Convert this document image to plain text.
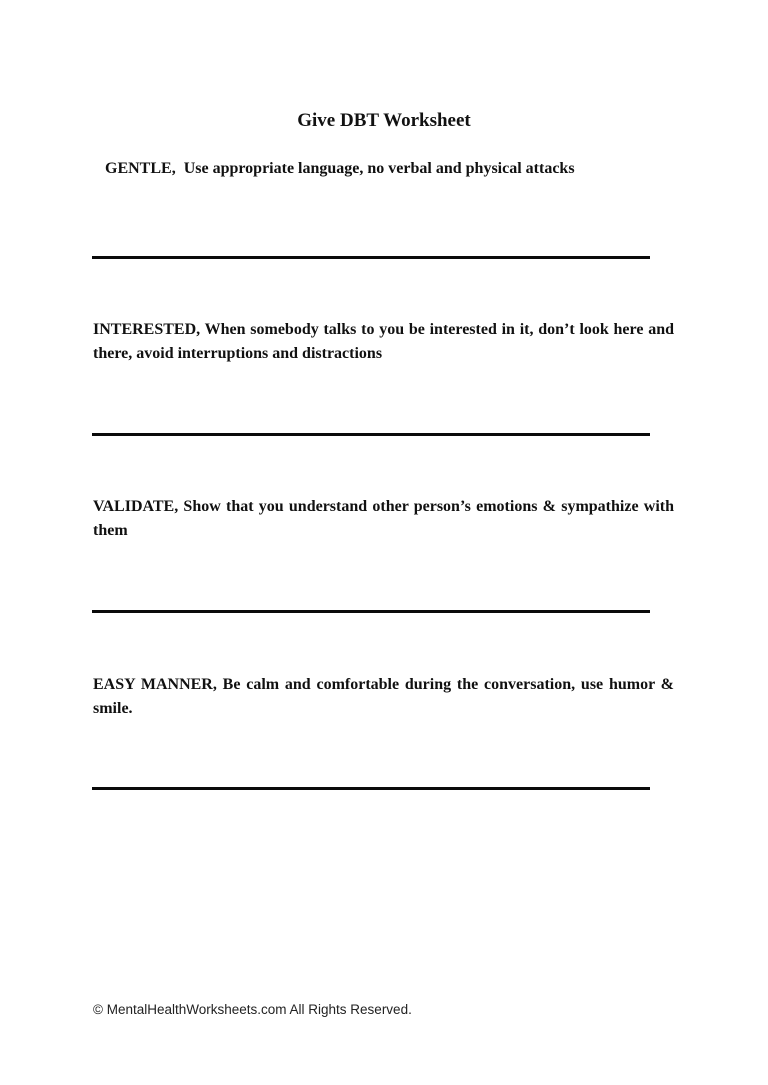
Give DBT Worksheet
GENTLE,  Use appropriate language, no verbal and physical attacks
INTERESTED, When somebody talks to you be interested in it, don’t look here and there, avoid interruptions and distractions
VALIDATE, Show that you understand other person’s emotions & sympathize with them
EASY MANNER, Be calm and comfortable during the conversation, use humor & smile.
© MentalHealthWorksheets.com All Rights Reserved.
